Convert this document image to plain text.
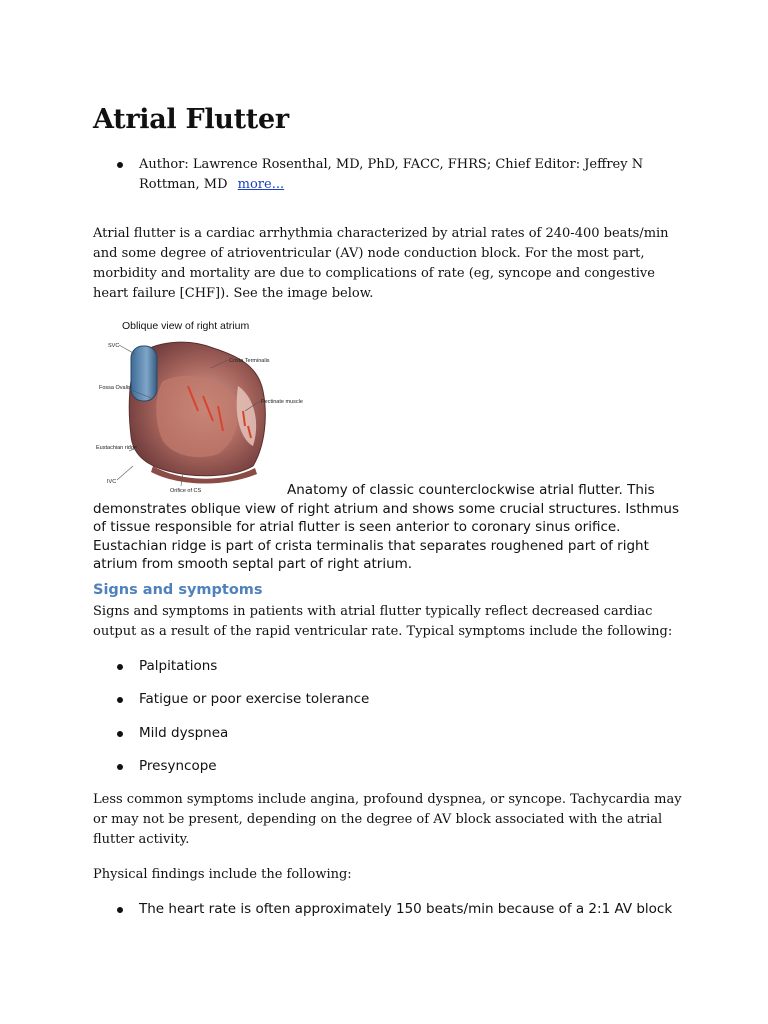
Atrial Flutter
Author: Lawrence Rosenthal, MD, PhD, FACC, FHRS; Chief Editor: Jeffrey N Rottman, MD more...

Atrial flutter is a cardiac arrhythmia characterized by atrial rates of 240-400 beats/min and some degree of atrioventricular (AV) node conduction block. For the most part, morbidity and mortality are due to complications of rate (eg, syncope and congestive heart failure [CHF]). See the image below.

Oblique view of right atrium
SVC
Crista Terminalis
Fossa Ovalis
Pectinate muscle
Eustachian ridge
IVC
Orifice of CS	Anatomy of classic counterclockwise atrial flutter. This demonstrates oblique view of right atrium and shows some crucial structures. Isthmus of tissue responsible for atrial flutter is seen anterior to coronary sinus orifice. Eustachian ridge is part of crista terminalis that separates roughened part of right atrium from smooth septal part of right atrium.

Signs and symptoms

Signs and symptoms in patients with atrial flutter typically reflect decreased cardiac output as a result of the rapid ventricular rate. Typical symptoms include the following:

Palpitations
Fatigue or poor exercise tolerance
Mild dyspnea
Presyncope

Less common symptoms include angina, profound dyspnea, or syncope. Tachycardia may or may not be present, depending on the degree of AV block associated with the atrial flutter activity.

Physical findings include the following:

The heart rate is often approximately 150 beats/min because of a 2:1 AV block
